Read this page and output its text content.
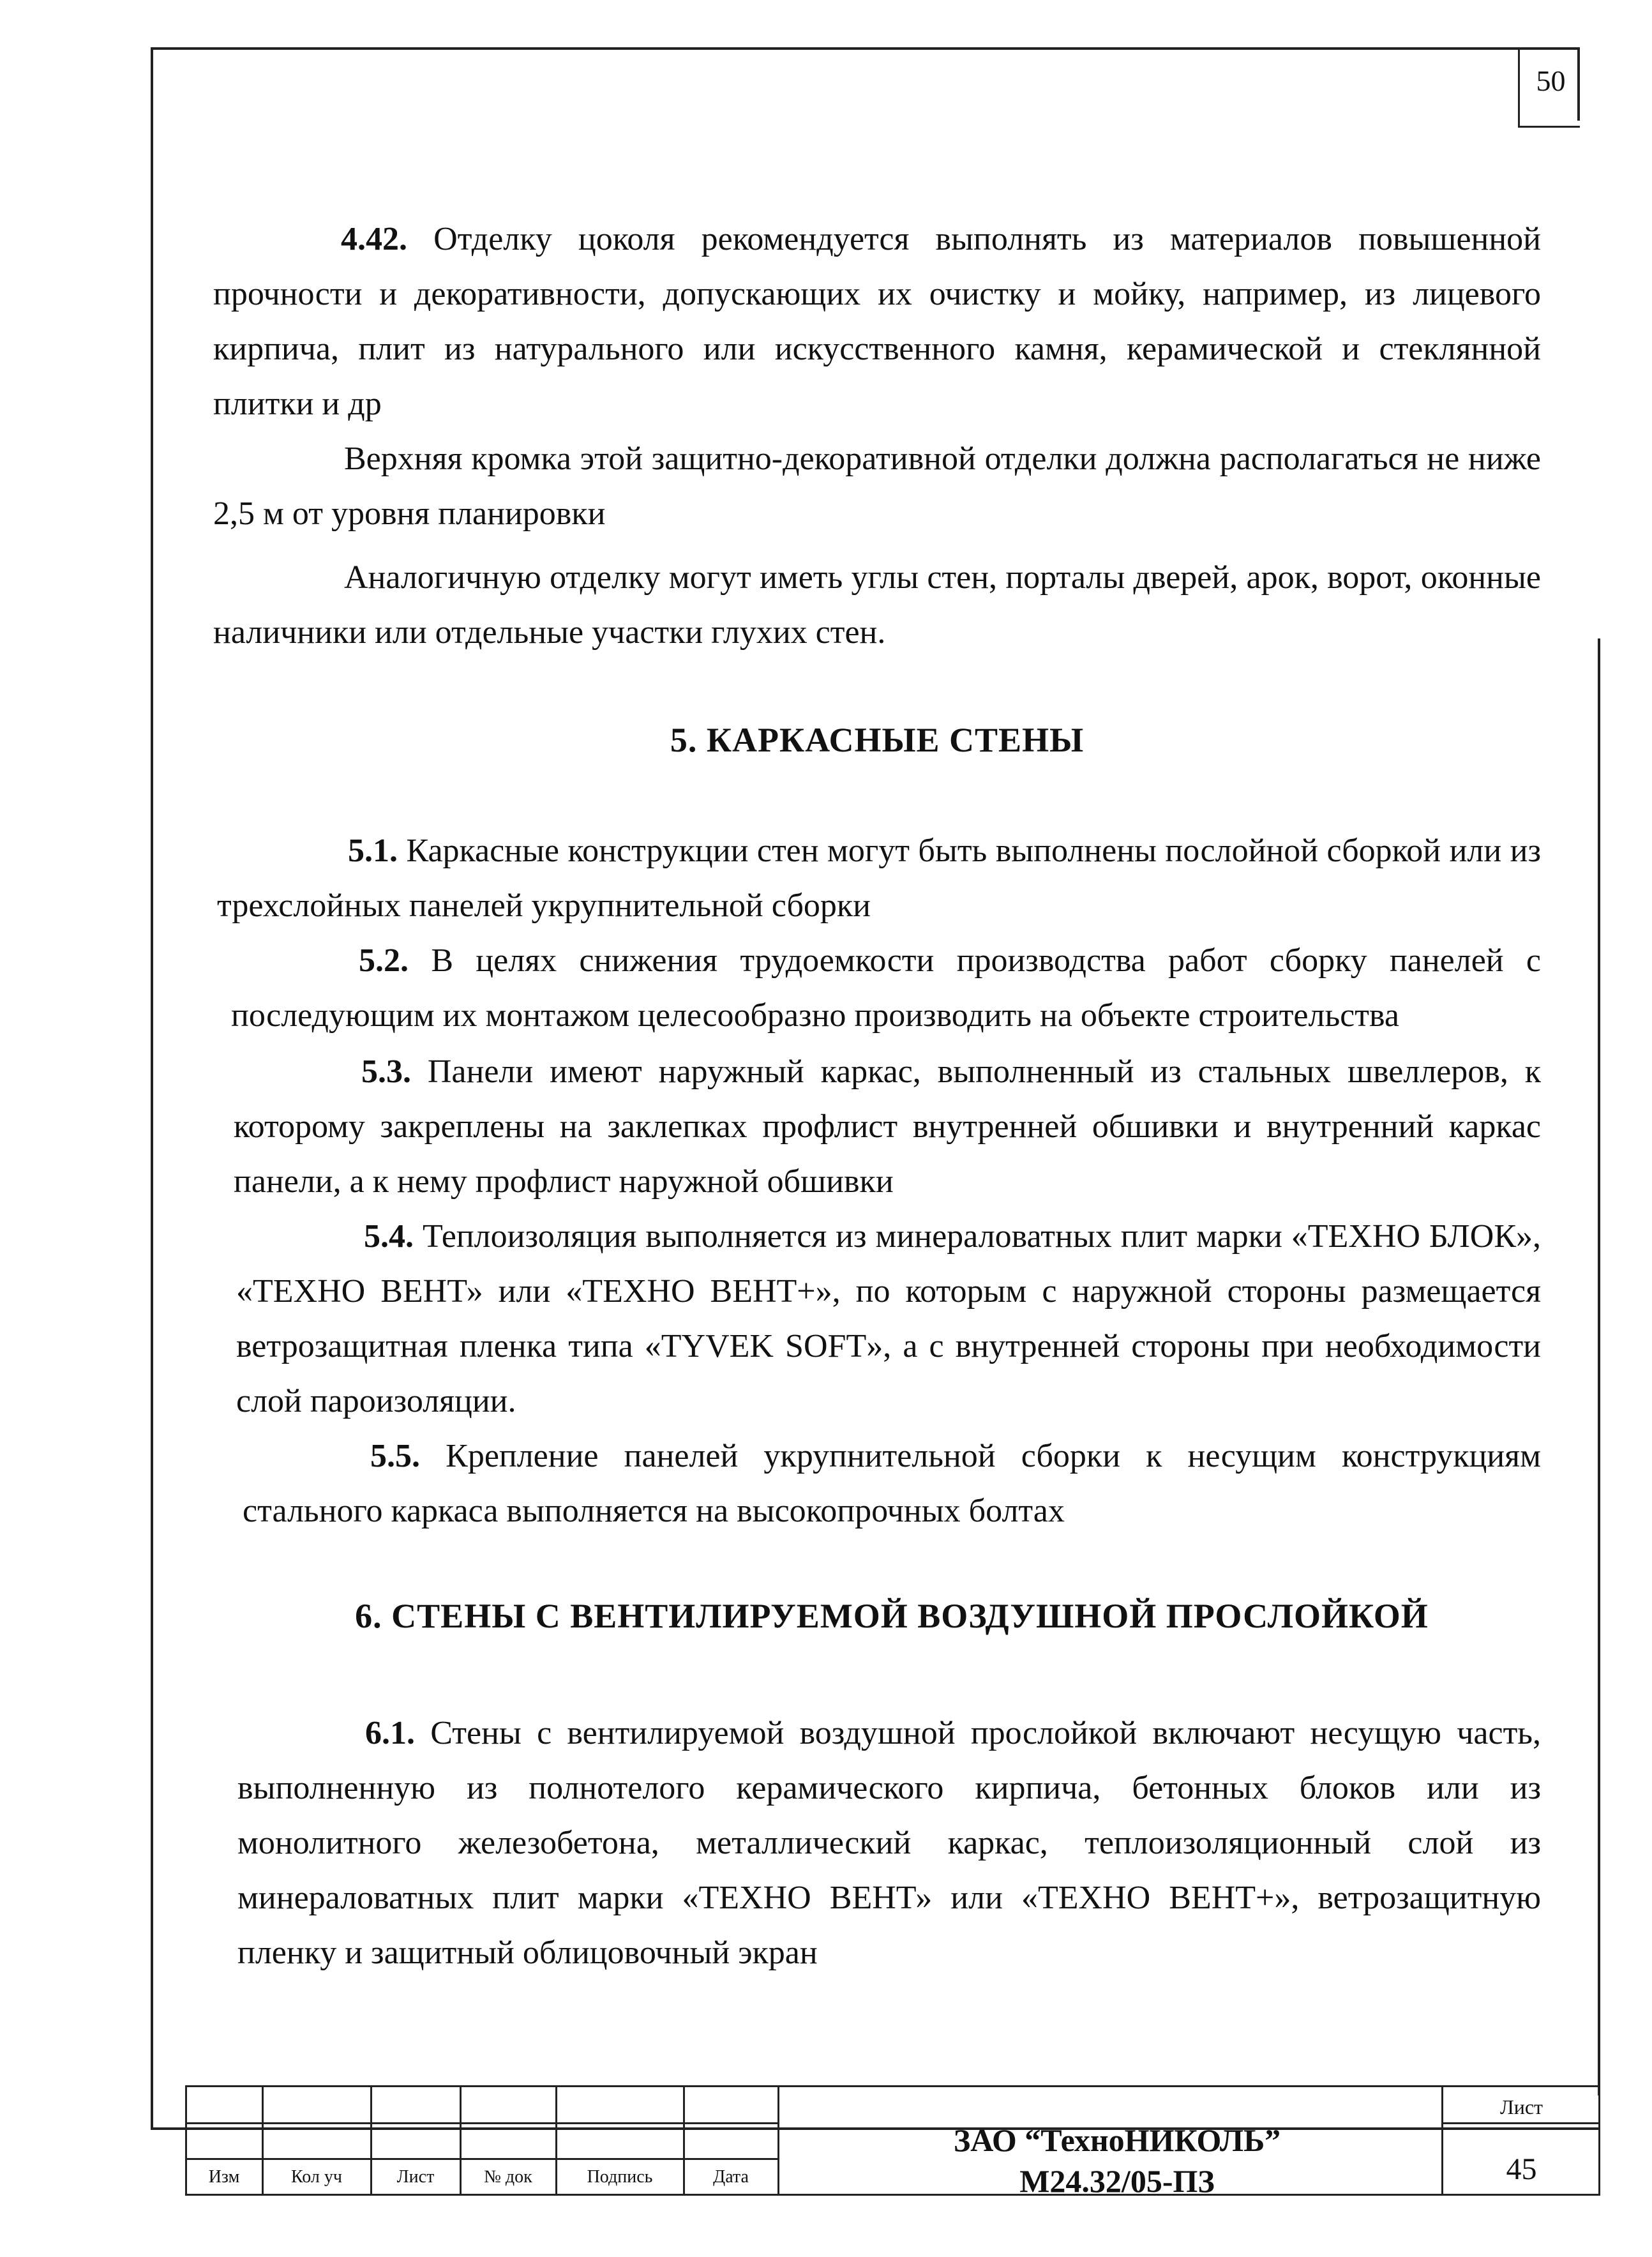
50

4.42. Отделку цоколя рекомендуется выполнять из материалов повышенной прочности и декоративности, допускающих их очистку и мойку, например, из лицевого кирпича, плит из натурального или искусственного камня, керамической и стеклянной плитки и др

Верхняя кромка этой защитно-декоративной отделки должна располагаться не ниже 2,5 м от уровня планировки

Аналогичную отделку могут иметь углы стен, порталы дверей, арок, ворот, оконные наличники или отдельные участки глухих стен.

5. КАРКАСНЫЕ СТЕНЫ

5.1. Каркасные конструкции стен могут быть выполнены послойной сборкой или из трехслойных панелей укрупнительной сборки

5.2. В целях снижения трудоемкости производства работ сборку панелей с последующим их монтажом целесообразно производить на объекте строительства

5.3. Панели имеют наружный каркас, выполненный из стальных швеллеров, к которому закреплены на заклепках профлист внутренней обшивки и внутренний каркас панели, а к нему профлист наружной обшивки

5.4. Теплоизоляция выполняется из минераловатных плит марки «ТЕХНО БЛОК», «ТЕХНО ВЕНТ» или «ТЕХНО ВЕНТ+», по которым с наружной стороны размещается ветрозащитная пленка типа «TYVEK SOFT», а с внутренней стороны при необходимости слой пароизоляции.

5.5. Крепление панелей укрупнительной сборки к несущим конструкциям стального каркаса выполняется на высокопрочных болтах

6. СТЕНЫ С ВЕНТИЛИРУЕМОЙ ВОЗДУШНОЙ ПРОСЛОЙКОЙ

6.1. Стены с вентилируемой воздушной прослойкой включают несущую часть, выполненную из полнотелого керамического кирпича, бетонных блоков или из монолитного железобетона, металлический каркас, теплоизоляционный слой из минераловатных плит марки «ТЕХНО ВЕНТ» или «ТЕХНО ВЕНТ+», ветрозащитную пленку и защитный облицовочный экран

Изм	Кол уч	Лист	№ док	Подпись	Дата
ЗАО “ТехноНИКОЛЬ”
М24.32/05-ПЗ
Лист
45
